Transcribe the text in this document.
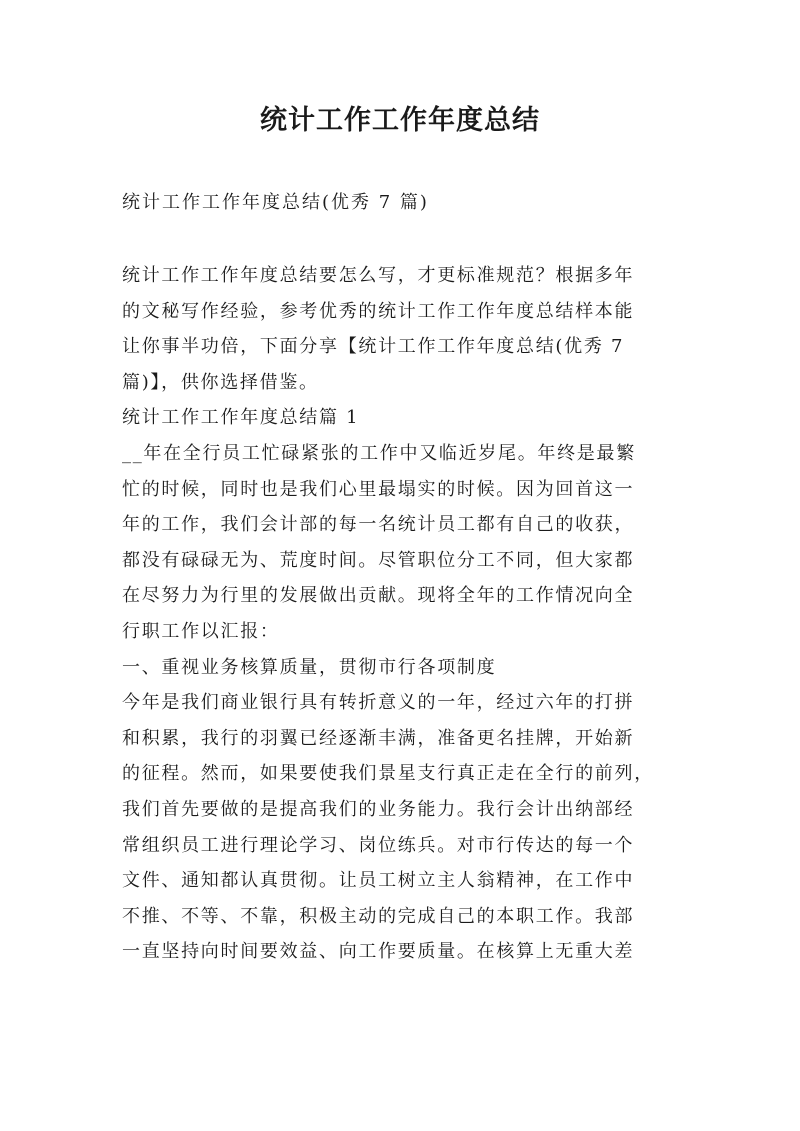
统计工作工作年度总结
统计工作工作年度总结(优秀 7 篇)
统计工作工作年度总结要怎么写，才更标准规范？根据多年
的文秘写作经验，参考优秀的统计工作工作年度总结样本能
让你事半功倍，下面分享【统计工作工作年度总结(优秀 7
篇)】，供你选择借鉴。
统计工作工作年度总结篇 1
__年在全行员工忙碌紧张的工作中又临近岁尾。年终是最繁
忙的时候，同时也是我们心里最塌实的时候。因为回首这一
年的工作，我们会计部的每一名统计员工都有自己的收获，
都没有碌碌无为、荒度时间。尽管职位分工不同，但大家都
在尽努力为行里的发展做出贡献。现将全年的工作情况向全
行职工作以汇报：
一、重视业务核算质量，贯彻市行各项制度
今年是我们商业银行具有转折意义的一年，经过六年的打拼
和积累，我行的羽翼已经逐渐丰满，准备更名挂牌，开始新
的征程。然而，如果要使我们景星支行真正走在全行的前列，
我们首先要做的是提高我们的业务能力。我行会计出纳部经
常组织员工进行理论学习、岗位练兵。对市行传达的每一个
文件、通知都认真贯彻。让员工树立主人翁精神，在工作中
不推、不等、不靠，积极主动的完成自己的本职工作。我部
一直坚持向时间要效益、向工作要质量。在核算上无重大差
